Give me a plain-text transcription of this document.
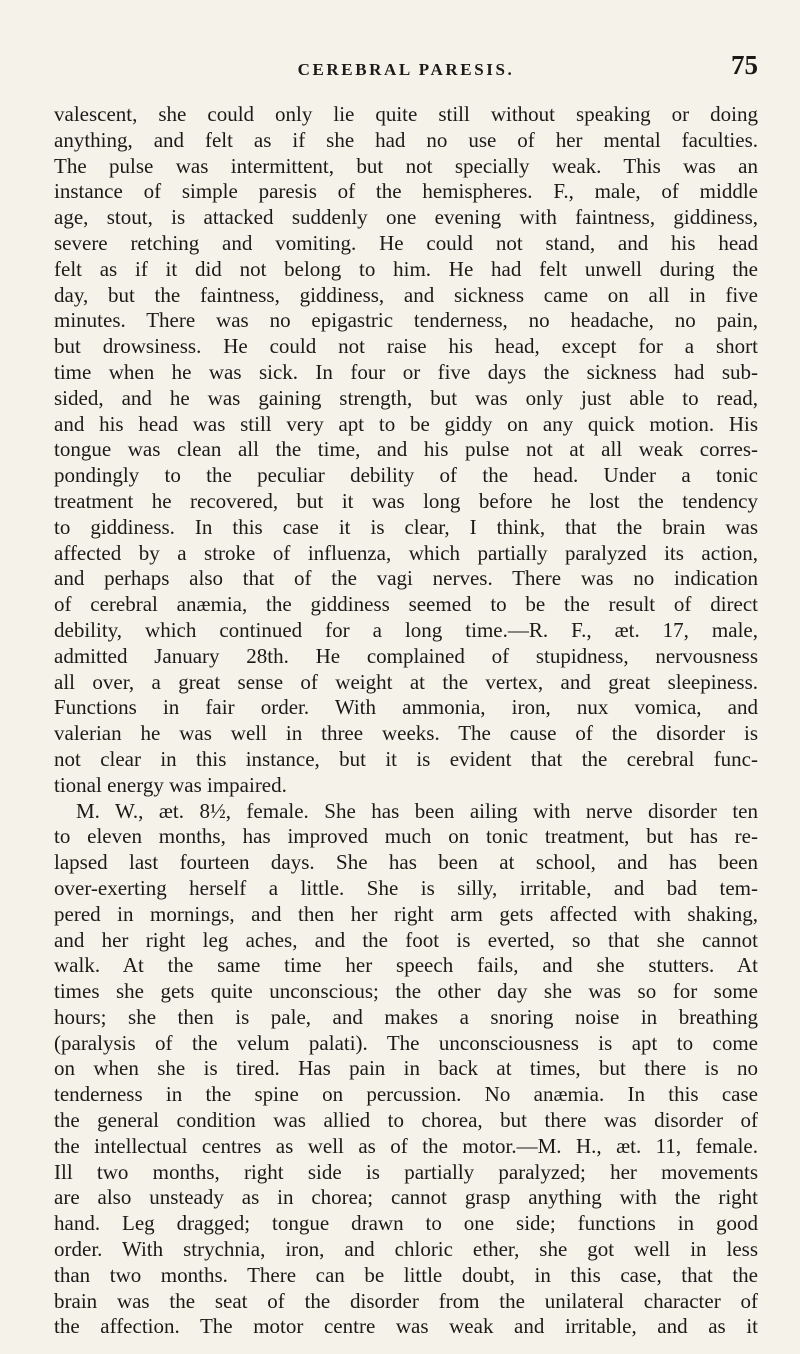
CEREBRAL PARESIS.	75
valescent, she could only lie quite still without speaking or doing
anything, and felt as if she had no use of her mental faculties.
The pulse was intermittent, but not specially weak. This was an
instance of simple paresis of the hemispheres. F., male, of middle
age, stout, is attacked suddenly one evening with faintness, giddiness,
severe retching and vomiting. He could not stand, and his head
felt as if it did not belong to him. He had felt unwell during the
day, but the faintness, giddiness, and sickness came on all in five
minutes. There was no epigastric tenderness, no headache, no pain,
but drowsiness. He could not raise his head, except for a short
time when he was sick. In four or five days the sickness had sub-
sided, and he was gaining strength, but was only just able to read,
and his head was still very apt to be giddy on any quick motion. His
tongue was clean all the time, and his pulse not at all weak corres-
pondingly to the peculiar debility of the head. Under a tonic
treatment he recovered, but it was long before he lost the tendency
to giddiness. In this case it is clear, I think, that the brain was
affected by a stroke of influenza, which partially paralyzed its action,
and perhaps also that of the vagi nerves. There was no indication
of cerebral anæmia, the giddiness seemed to be the result of direct
debility, which continued for a long time.—R. F., æt. 17, male,
admitted January 28th. He complained of stupidness, nervousness
all over, a great sense of weight at the vertex, and great sleepiness.
Functions in fair order. With ammonia, iron, nux vomica, and
valerian he was well in three weeks. The cause of the disorder is
not clear in this instance, but it is evident that the cerebral func-
tional energy was impaired.
M. W., æt. 8½, female. She has been ailing with nerve disorder ten
to eleven months, has improved much on tonic treatment, but has re-
lapsed last fourteen days. She has been at school, and has been
over-exerting herself a little. She is silly, irritable, and bad tem-
pered in mornings, and then her right arm gets affected with shaking,
and her right leg aches, and the foot is everted, so that she cannot
walk. At the same time her speech fails, and she stutters. At
times she gets quite unconscious; the other day she was so for some
hours; she then is pale, and makes a snoring noise in breathing
(paralysis of the velum palati). The unconsciousness is apt to come
on when she is tired. Has pain in back at times, but there is no
tenderness in the spine on percussion. No anæmia. In this case
the general condition was allied to chorea, but there was disorder of
the intellectual centres as well as of the motor.—M. H., æt. 11, female.
Ill two months, right side is partially paralyzed; her movements
are also unsteady as in chorea; cannot grasp anything with the right
hand. Leg dragged; tongue drawn to one side; functions in good
order. With strychnia, iron, and chloric ether, she got well in less
than two months. There can be little doubt, in this case, that the
brain was the seat of the disorder from the unilateral character of
the affection. The motor centre was weak and irritable, and as it
